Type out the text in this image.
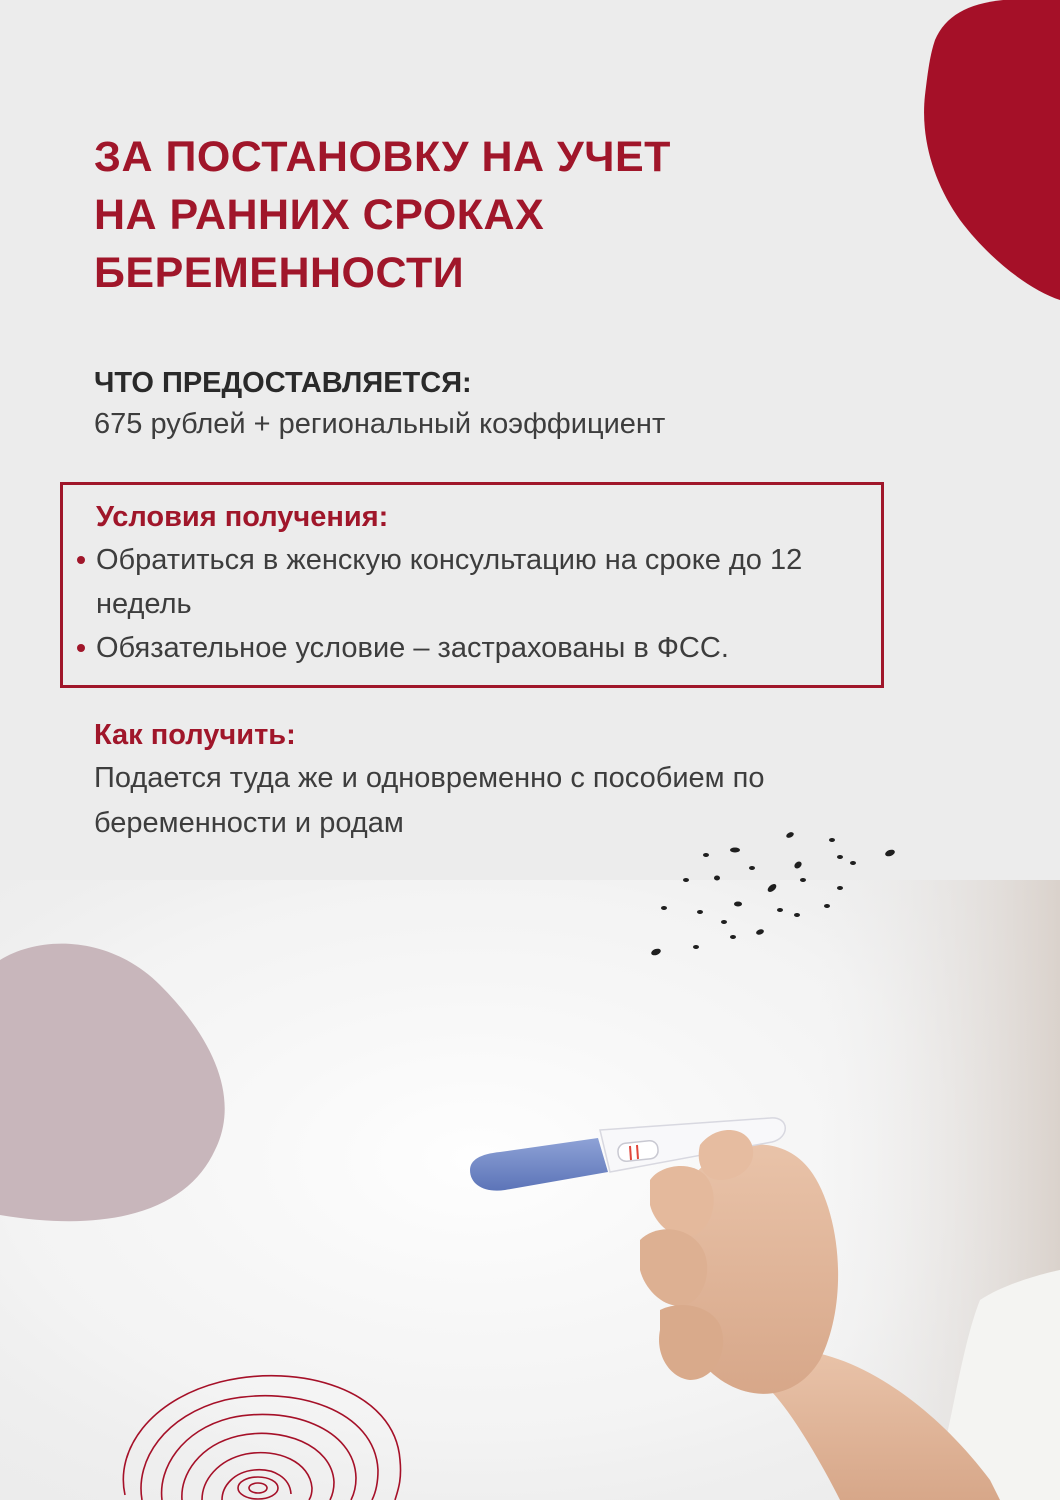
ЗА ПОСТАНОВКУ НА УЧЕТ
НА РАННИХ СРОКАХ
БЕРЕМЕННОСТИ
ЧТО ПРЕДОСТАВЛЯЕТСЯ:

675 рублей + региональный коэффициент

Условия получения:
Обратиться в женскую консультацию на сроке до 12 недель
Обязательное условие – застрахованы в ФСС.
Как получить:

Подается туда же и одновременно с пособием по

беременности и родам
